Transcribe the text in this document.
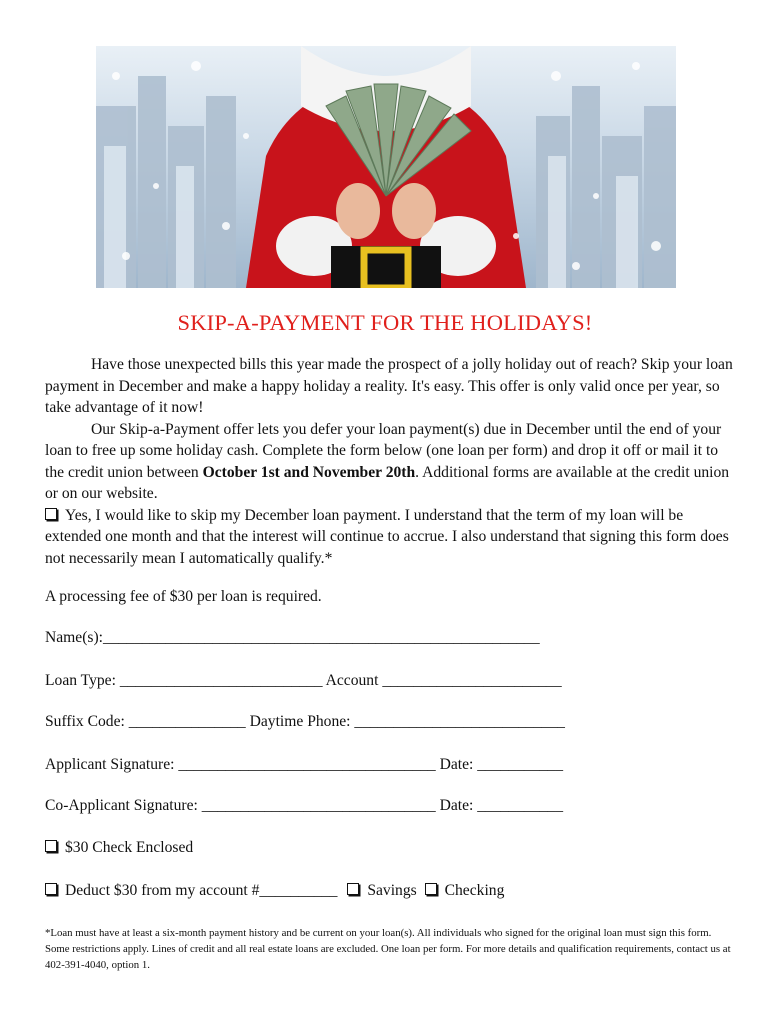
SKIP-A-PAYMENT FOR THE HOLIDAYS!

Have those unexpected bills this year made the prospect of a jolly holiday out of reach? Skip your loan payment in December and make a happy holiday a reality. It's easy. This offer is only valid once per year, so take advantage of it now!

Our Skip-a-Payment offer lets you defer your loan payment(s) due in December until the end of your loan to free up some holiday cash. Complete the form below (one loan per form) and drop it off or mail it to the credit union between October 1st and November 20th. Additional forms are available at the credit union or on our website.

Yes, I would like to skip my December loan payment. I understand that the term of my loan will be extended one month and that the interest will continue to accrue. I also understand that signing this form does not necessarily mean I automatically qualify.*

A processing fee of $30 per loan is required.
Name(s):________________________________________________________
Loan Type: __________________________ Account _______________________
Suffix Code: _______________ Daytime Phone: ___________________________
Applicant Signature: _________________________________ Date: ___________
Co-Applicant Signature: ______________________________ Date: ___________
$30 Check Enclosed
Deduct $30 from my account #__________ Savings Checking
*Loan must have at least a six-month payment history and be current on your loan(s). All individuals who signed for the original loan must sign this form. Some restrictions apply. Lines of credit and all real estate loans are excluded. One loan per form. For more details and qualification requirements, contact us at 402-391-4040, option 1.
